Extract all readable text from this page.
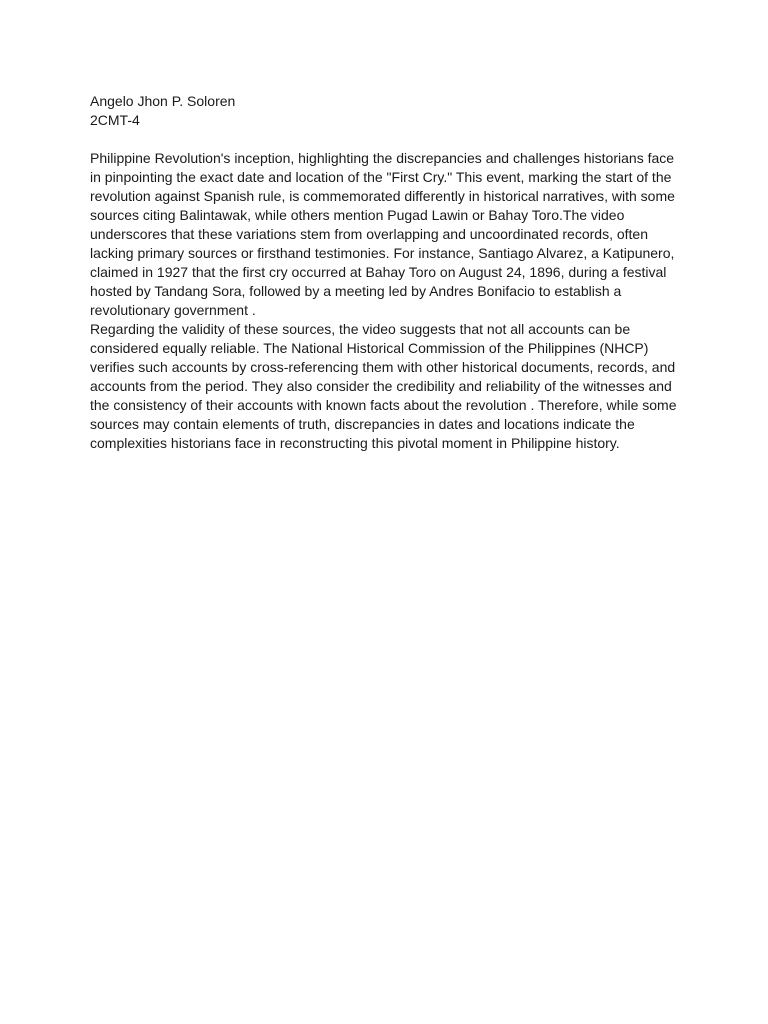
Angelo Jhon P. Soloren
2CMT-4

Philippine Revolution's inception, highlighting the discrepancies and challenges historians face in pinpointing the exact date and location of the "First Cry." This event, marking the start of the revolution against Spanish rule, is commemorated differently in historical narratives, with some sources citing Balintawak, while others mention Pugad Lawin or Bahay Toro.The video underscores that these variations stem from overlapping and uncoordinated records, often lacking primary sources or firsthand testimonies. For instance, Santiago Alvarez, a Katipunero, claimed in 1927 that the first cry occurred at Bahay Toro on August 24, 1896, during a festival hosted by Tandang Sora, followed by a meeting led by Andres Bonifacio to establish a revolutionary government .

Regarding the validity of these sources, the video suggests that not all accounts can be considered equally reliable. The National Historical Commission of the Philippines (NHCP) verifies such accounts by cross-referencing them with other historical documents, records, and accounts from the period. They also consider the credibility and reliability of the witnesses and the consistency of their accounts with known facts about the revolution . Therefore, while some sources may contain elements of truth, discrepancies in dates and locations indicate the complexities historians face in reconstructing this pivotal moment in Philippine history.
